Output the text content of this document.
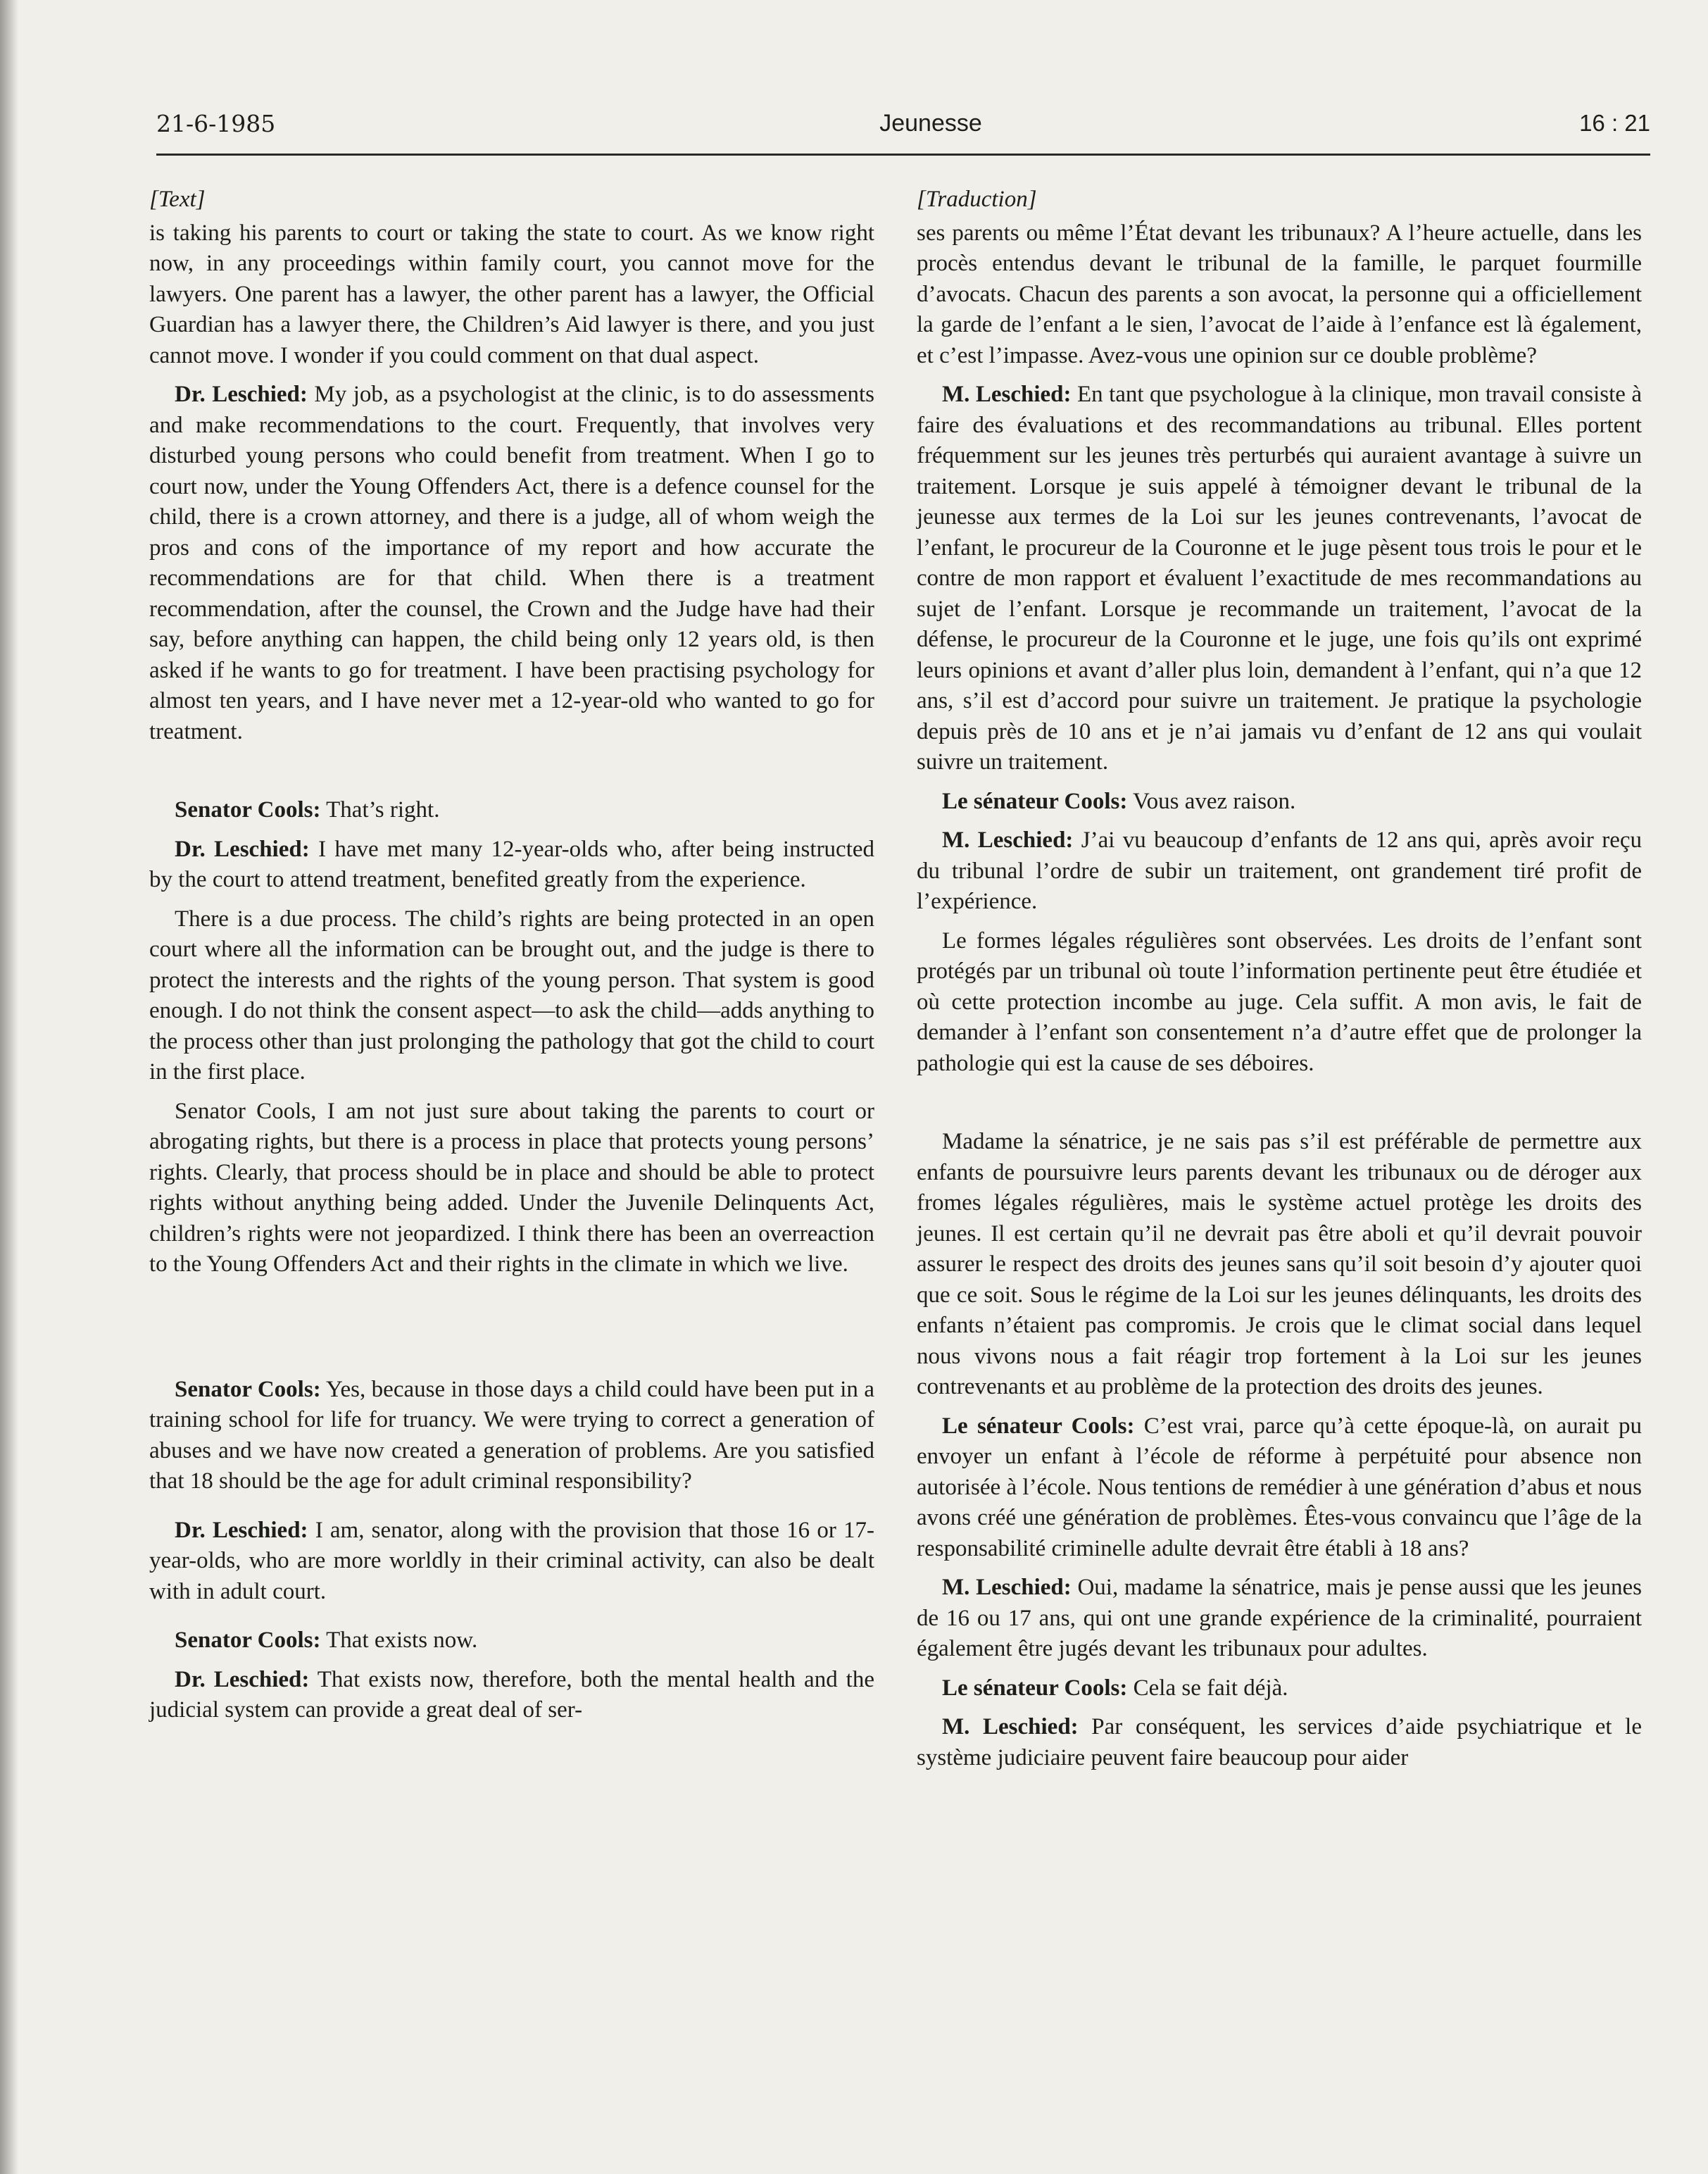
21-6-1985	Jeunesse	16 : 21

[Text]

is taking his parents to court or taking the state to court. As we know right now, in any proceedings within family court, you cannot move for the lawyers. One parent has a lawyer, the other parent has a lawyer, the Official Guardian has a lawyer there, the Children’s Aid lawyer is there, and you just cannot move. I wonder if you could comment on that dual aspect.

Dr. Leschied: My job, as a psychologist at the clinic, is to do assessments and make recommendations to the court. Frequently, that involves very disturbed young persons who could benefit from treatment. When I go to court now, under the Young Offenders Act, there is a defence counsel for the child, there is a crown attorney, and there is a judge, all of whom weigh the pros and cons of the importance of my report and how accurate the recommendations are for that child. When there is a treatment recommendation, after the counsel, the Crown and the Judge have had their say, before anything can happen, the child being only 12 years old, is then asked if he wants to go for treatment. I have been practising psychology for almost ten years, and I have never met a 12-year-old who wanted to go for treatment.

Senator Cools: That’s right.

Dr. Leschied: I have met many 12-year-olds who, after being instructed by the court to attend treatment, benefited greatly from the experience.

There is a due process. The child’s rights are being protected in an open court where all the information can be brought out, and the judge is there to protect the interests and the rights of the young person. That system is good enough. I do not think the consent aspect—to ask the child—adds anything to the process other than just prolonging the pathology that got the child to court in the first place.

Senator Cools, I am not just sure about taking the parents to court or abrogating rights, but there is a process in place that protects young persons’ rights. Clearly, that process should be in place and should be able to protect rights without anything being added. Under the Juvenile Delinquents Act, children’s rights were not jeopardized. I think there has been an overreaction to the Young Offenders Act and their rights in the climate in which we live.

Senator Cools: Yes, because in those days a child could have been put in a training school for life for truancy. We were trying to correct a generation of abuses and we have now created a generation of problems. Are you satisfied that 18 should be the age for adult criminal responsibility?

Dr. Leschied: I am, senator, along with the provision that those 16 or 17-year-olds, who are more worldly in their criminal activity, can also be dealt with in adult court.

Senator Cools: That exists now.

Dr. Leschied: That exists now, therefore, both the mental health and the judicial system can provide a great deal of ser-

[Traduction]

ses parents ou même l’État devant les tribunaux? A l’heure actuelle, dans les procès entendus devant le tribunal de la famille, le parquet fourmille d’avocats. Chacun des parents a son avocat, la personne qui a officiellement la garde de l’enfant a le sien, l’avocat de l’aide à l’enfance est là également, et c’est l’impasse. Avez-vous une opinion sur ce double problème?

M. Leschied: En tant que psychologue à la clinique, mon travail consiste à faire des évaluations et des recommandations au tribunal. Elles portent fréquemment sur les jeunes très perturbés qui auraient avantage à suivre un traitement. Lorsque je suis appelé à témoigner devant le tribunal de la jeunesse aux termes de la Loi sur les jeunes contrevenants, l’avocat de l’enfant, le procureur de la Couronne et le juge pèsent tous trois le pour et le contre de mon rapport et évaluent l’exactitude de mes recommandations au sujet de l’enfant. Lorsque je recommande un traitement, l’avocat de la défense, le procureur de la Couronne et le juge, une fois qu’ils ont exprimé leurs opinions et avant d’aller plus loin, demandent à l’enfant, qui n’a que 12 ans, s’il est d’accord pour suivre un traitement. Je pratique la psychologie depuis près de 10 ans et je n’ai jamais vu d’enfant de 12 ans qui voulait suivre un traitement.

Le sénateur Cools: Vous avez raison.

M. Leschied: J’ai vu beaucoup d’enfants de 12 ans qui, après avoir reçu du tribunal l’ordre de subir un traitement, ont grandement tiré profit de l’expérience.

Le formes légales régulières sont observées. Les droits de l’enfant sont protégés par un tribunal où toute l’information pertinente peut être étudiée et où cette protection incombe au juge. Cela suffit. A mon avis, le fait de demander à l’enfant son consentement n’a d’autre effet que de prolonger la pathologie qui est la cause de ses déboires.

Madame la sénatrice, je ne sais pas s’il est préférable de permettre aux enfants de poursuivre leurs parents devant les tribunaux ou de déroger aux fromes légales régulières, mais le système actuel protège les droits des jeunes. Il est certain qu’il ne devrait pas être aboli et qu’il devrait pouvoir assurer le respect des droits des jeunes sans qu’il soit besoin d’y ajouter quoi que ce soit. Sous le régime de la Loi sur les jeunes délinquants, les droits des enfants n’étaient pas compromis. Je crois que le climat social dans lequel nous vivons nous a fait réagir trop fortement à la Loi sur les jeunes contrevenants et au problème de la protection des droits des jeunes.

Le sénateur Cools: C’est vrai, parce qu’à cette époque-là, on aurait pu envoyer un enfant à l’école de réforme à perpétuité pour absence non autorisée à l’école. Nous tentions de remédier à une génération d’abus et nous avons créé une génération de problèmes. Êtes-vous convaincu que l’âge de la responsabilité criminelle adulte devrait être établi à 18 ans?

M. Leschied: Oui, madame la sénatrice, mais je pense aussi que les jeunes de 16 ou 17 ans, qui ont une grande expérience de la criminalité, pourraient également être jugés devant les tribunaux pour adultes.

Le sénateur Cools: Cela se fait déjà.

M. Leschied: Par conséquent, les services d’aide psychiatrique et le système judiciaire peuvent faire beaucoup pour aider
